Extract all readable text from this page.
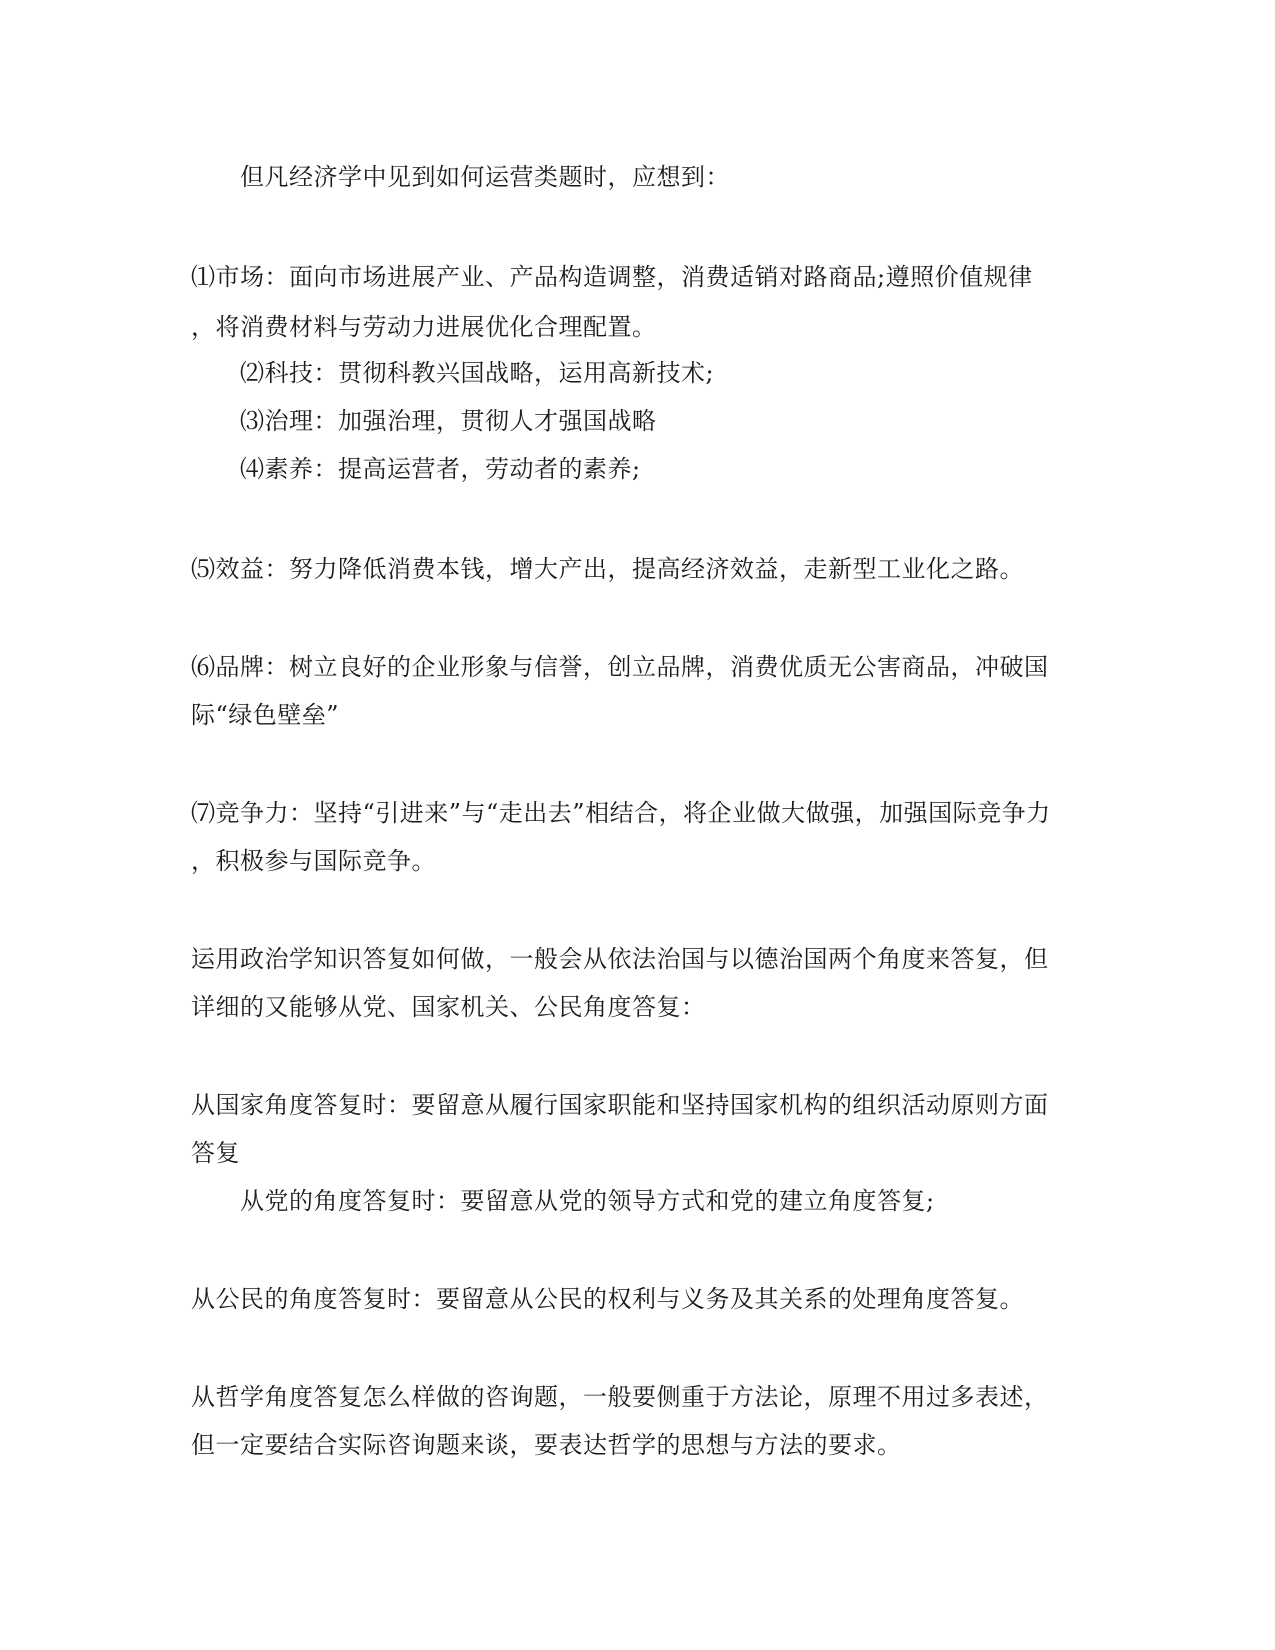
但凡经济学中见到如何运营类题时，应想到：
⑴市场：面向市场进展产业、产品构造调整，消费适销对路商品;遵照价值规律
，将消费材料与劳动力进展优化合理配置。
⑵科技：贯彻科教兴国战略，运用高新技术;
⑶治理：加强治理，贯彻人才强国战略
⑷素养：提高运营者，劳动者的素养;
⑸效益：努力降低消费本钱，增大产出，提高经济效益，走新型工业化之路。
⑹品牌：树立良好的企业形象与信誉，创立品牌，消费优质无公害商品，冲破国
际“绿色壁垒”
⑺竞争力：坚持“引进来”与“走出去”相结合，将企业做大做强，加强国际竞争力
，积极参与国际竞争。
运用政治学知识答复如何做，一般会从依法治国与以德治国两个角度来答复，但
详细的又能够从党、国家机关、公民角度答复：
从国家角度答复时：要留意从履行国家职能和坚持国家机构的组织活动原则方面
答复
从党的角度答复时：要留意从党的领导方式和党的建立角度答复;
从公民的角度答复时：要留意从公民的权利与义务及其关系的处理角度答复。
从哲学角度答复怎么样做的咨询题，一般要侧重于方法论，原理不用过多表述，
但一定要结合实际咨询题来谈，要表达哲学的思想与方法的要求。
